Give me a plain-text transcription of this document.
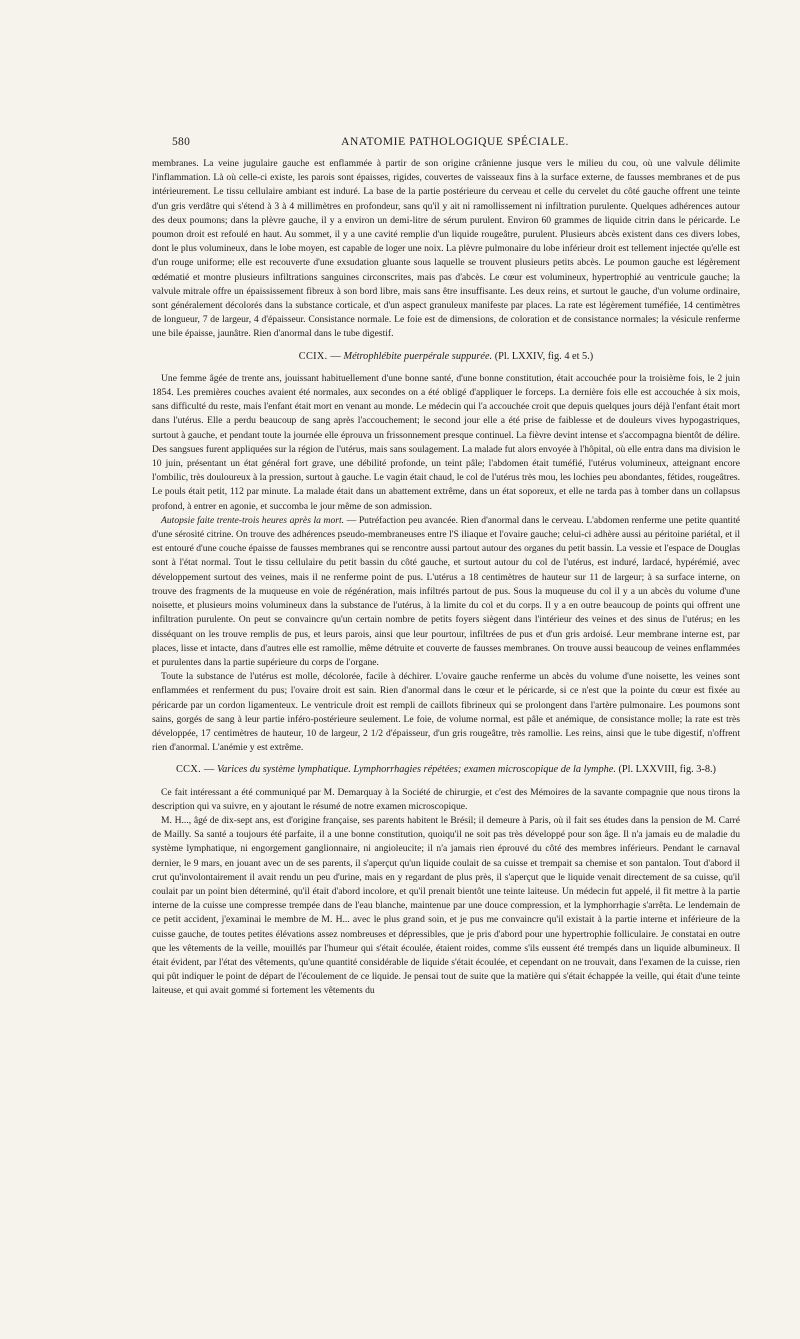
580	ANATOMIE PATHOLOGIQUE SPÉCIALE.

membranes. La veine jugulaire gauche est enflammée à partir de son origine crânienne jusque vers le milieu du cou, où une valvule délimite l'inflammation. Là où celle-ci existe, les parois sont épaisses, rigides, couvertes de vaisseaux fins à la surface externe, de fausses membranes et de pus intérieurement. Le tissu cellulaire ambiant est induré. La base de la partie postérieure du cerveau et celle du cervelet du côté gauche offrent une teinte d'un gris verdâtre qui s'étend à 3 à 4 millimètres en profondeur, sans qu'il y ait ni ramollissement ni infiltration purulente. Quelques adhérences autour des deux poumons; dans la plèvre gauche, il y a environ un demi-litre de sérum purulent. Environ 60 grammes de liquide citrin dans le péricarde. Le poumon droit est refoulé en haut. Au sommet, il y a une cavité remplie d'un liquide rougeâtre, purulent. Plusieurs abcès existent dans ces divers lobes, dont le plus volumineux, dans le lobe moyen, est capable de loger une noix. La plèvre pulmonaire du lobe inférieur droit est tellement injectée qu'elle est d'un rouge uniforme; elle est recouverte d'une exsudation gluante sous laquelle se trouvent plusieurs petits abcès. Le poumon gauche est légèrement œdématié et montre plusieurs infiltrations sanguines circonscrites, mais pas d'abcès. Le cœur est volumineux, hypertrophié au ventricule gauche; la valvule mitrale offre un épaississement fibreux à son bord libre, mais sans être insuffisante. Les deux reins, et surtout le gauche, d'un volume ordinaire, sont généralement décolorés dans la substance corticale, et d'un aspect granuleux manifeste par places. La rate est légèrement tuméfiée, 14 centimètres de longueur, 7 de largeur, 4 d'épaisseur. Consistance normale. Le foie est de dimensions, de coloration et de consistance normales; la vésicule renferme une bile épaisse, jaunâtre. Rien d'anormal dans le tube digestif.

CCIX. — Métrophlébite puerpérale suppurée. (Pl. LXXIV, fig. 4 et 5.)

Une femme âgée de trente ans, jouissant habituellement d'une bonne santé, d'une bonne constitution, était accouchée pour la troisième fois, le 2 juin 1854. Les premières couches avaient été normales, aux secondes on a été obligé d'appliquer le forceps. La dernière fois elle est accouchée à six mois, sans difficulté du reste, mais l'enfant était mort en venant au monde. Le médecin qui l'a accouchée croit que depuis quelques jours déjà l'enfant était mort dans l'utérus. Elle a perdu beaucoup de sang après l'accouchement; le second jour elle a été prise de faiblesse et de douleurs vives hypogastriques, surtout à gauche, et pendant toute la journée elle éprouva un frissonnement presque continuel. La fièvre devint intense et s'accompagna bientôt de délire. Des sangsues furent appliquées sur la région de l'utérus, mais sans soulagement. La malade fut alors envoyée à l'hôpital, où elle entra dans ma division le 10 juin, présentant un état général fort grave, une débilité profonde, un teint pâle; l'abdomen était tuméfié, l'utérus volumineux, atteignant encore l'ombilic, très douloureux à la pression, surtout à gauche. Le vagin était chaud, le col de l'utérus très mou, les lochies peu abondantes, fétides, rougeâtres. Le pouls était petit, 112 par minute. La malade était dans un abattement extrême, dans un état soporeux, et elle ne tarda pas à tomber dans un collapsus profond, à entrer en agonie, et succomba le jour même de son admission.

Autopsie faite trente-trois heures après la mort. — Putréfaction peu avancée. Rien d'anormal dans le cerveau. L'abdomen renferme une petite quantité d'une sérosité citrine. On trouve des adhérences pseudo-membraneuses entre l'S iliaque et l'ovaire gauche; celui-ci adhère aussi au péritoine pariétal, et il est entouré d'une couche épaisse de fausses membranes qui se rencontre aussi partout autour des organes du petit bassin. La vessie et l'espace de Douglas sont à l'état normal. Tout le tissu cellulaire du petit bassin du côté gauche, et surtout autour du col de l'utérus, est induré, lardacé, hypérémié, avec développement surtout des veines, mais il ne renferme point de pus. L'utérus a 18 centimètres de hauteur sur 11 de largeur; à sa surface interne, on trouve des fragments de la muqueuse en voie de régénération, mais infiltrés partout de pus. Sous la muqueuse du col il y a un abcès du volume d'une noisette, et plusieurs moins volumineux dans la substance de l'utérus, à la limite du col et du corps. Il y a en outre beaucoup de points qui offrent une infiltration purulente. On peut se convaincre qu'un certain nombre de petits foyers siègent dans l'intérieur des veines et des sinus de l'utérus; en les disséquant on les trouve remplis de pus, et leurs parois, ainsi que leur pourtour, infiltrées de pus et d'un gris ardoisé. Leur membrane interne est, par places, lisse et intacte, dans d'autres elle est ramollie, même détruite et couverte de fausses membranes. On trouve aussi beaucoup de veines enflammées et purulentes dans la partie supérieure du corps de l'organe.

Toute la substance de l'utérus est molle, décolorée, facile à déchirer. L'ovaire gauche renferme un abcès du volume d'une noisette, les veines sont enflammées et renferment du pus; l'ovaire droit est sain. Rien d'anormal dans le cœur et le péricarde, si ce n'est que la pointe du cœur est fixée au péricarde par un cordon ligamenteux. Le ventricule droit est rempli de caillots fibrineux qui se prolongent dans l'artère pulmonaire. Les poumons sont sains, gorgés de sang à leur partie inféro-postérieure seulement. Le foie, de volume normal, est pâle et anémique, de consistance molle; la rate est très développée, 17 centimètres de hauteur, 10 de largeur, 2 1/2 d'épaisseur, d'un gris rougeâtre, très ramollie. Les reins, ainsi que le tube digestif, n'offrent rien d'anormal. L'anémie y est extrême.

CCX. — Varices du système lymphatique. Lymphorrhagies répétées; examen microscopique de la lymphe. (Pl. LXXVIII, fig. 3-8.)

Ce fait intéressant a été communiqué par M. Demarquay à la Société de chirurgie, et c'est des Mémoires de la savante compagnie que nous tirons la description qui va suivre, en y ajoutant le résumé de notre examen microscopique.

M. H..., âgé de dix-sept ans, est d'origine française, ses parents habitent le Brésil; il demeure à Paris, où il fait ses études dans la pension de M. Carré de Mailly. Sa santé a toujours été parfaite, il a une bonne constitution, quoiqu'il ne soit pas très développé pour son âge. Il n'a jamais eu de maladie du système lymphatique, ni engorgement ganglionnaire, ni angioleucite; il n'a jamais rien éprouvé du côté des membres inférieurs. Pendant le carnaval dernier, le 9 mars, en jouant avec un de ses parents, il s'aperçut qu'un liquide coulait de sa cuisse et trempait sa chemise et son pantalon. Tout d'abord il crut qu'involontairement il avait rendu un peu d'urine, mais en y regardant de plus près, il s'aperçut que le liquide venait directement de sa cuisse, qu'il coulait par un point bien déterminé, qu'il était d'abord incolore, et qu'il prenait bientôt une teinte laiteuse. Un médecin fut appelé, il fit mettre à la partie interne de la cuisse une compresse trempée dans de l'eau blanche, maintenue par une douce compression, et la lymphorrhagie s'arrêta. Le lendemain de ce petit accident, j'examinai le membre de M. H... avec le plus grand soin, et je pus me convaincre qu'il existait à la partie interne et inférieure de la cuisse gauche, de toutes petites élévations assez nombreuses et dépressibles, que je pris d'abord pour une hypertrophie folliculaire. Je constatai en outre que les vêtements de la veille, mouillés par l'humeur qui s'était écoulée, étaient roides, comme s'ils eussent été trempés dans un liquide albumineux. Il était évident, par l'état des vêtements, qu'une quantité considérable de liquide s'était écoulée, et cependant on ne trouvait, dans l'examen de la cuisse, rien qui pût indiquer le point de départ de l'écoulement de ce liquide. Je pensai tout de suite que la matière qui s'était échappée la veille, qui était d'une teinte laiteuse, et qui avait gommé si fortement les vêtements du
